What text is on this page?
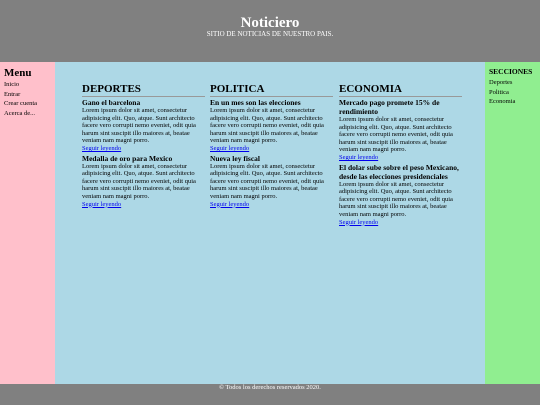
Noticiero
SITIO DE NOTICIAS DE NUESTRO PAIS.
Menu
Inicio
Entrar
Crear cuenta
Acerca de...
DEPORTES
Gano el barcelona

Lorem ipsum dolor sit amet, consectetur adipisicing elit. Quo, atque. Sunt architecto facere vero corrupti nemo eveniet, odit quia harum sint suscipit illo maiores at, beatae veniam nam magni porro.

Seguir leyendo
Medalla de oro para Mexico

Lorem ipsum dolor sit amet, consectetur adipisicing elit. Quo, atque. Sunt architecto facere vero corrupti nemo eveniet, odit quia harum sint suscipit illo maiores at, beatae veniam nam magni porro.

Seguir leyendo
POLITICA
En un mes son las elecciones

Lorem ipsum dolor sit amet, consectetur adipisicing elit. Quo, atque. Sunt architecto facere vero corrupti nemo eveniet, odit quia harum sint suscipit illo maiores at, beatae veniam nam magni porro.

Seguir leyendo
Nueva ley fiscal

Lorem ipsum dolor sit amet, consectetur adipisicing elit. Quo, atque. Sunt architecto facere vero corrupti nemo eveniet, odit quia harum sint suscipit illo maiores at, beatae veniam nam magni porro.

Seguir leyendo
ECONOMIA
Mercado pago promete 15% de rendimiento

Lorem ipsum dolor sit amet, consectetur adipisicing elit. Quo, atque. Sunt architecto facere vero corrupti nemo eveniet, odit quia harum sint suscipit illo maiores at, beatae veniam nam magni porro.

Seguir leyendo
El dolar sube sobre el peso Mexicano, desde las elecciones presidenciales

Lorem ipsum dolor sit amet, consectetur adipisicing elit. Quo, atque. Sunt architecto facere vero corrupti nemo eveniet, odit quia harum sint suscipit illo maiores at, beatae veniam nam magni porro.

Seguir leyendo
SECCIONES
Deportes
Politica
Economia
© Todos los derechos reservados 2020.
